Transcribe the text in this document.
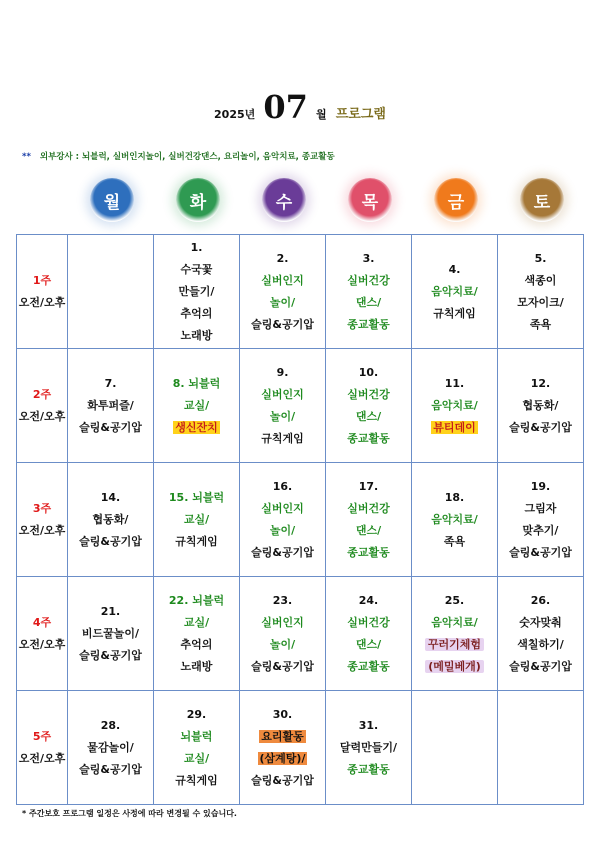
2025년 07 월 프로그램
** 외부강사 : 뇌블럭, 실버인지놀이, 실버건강댄스, 요리놀이, 음악치료, 종교활동
월	화	수	목	금	토
1주
오전/오후		1.
수국꽃
만들기/
추억의
노래방	2.
실버인지
놀이/
슬링&공기압	3.
실버건강
댄스/
종교활동	4.
음악치료/
규칙게임	5.
색종이
모자이크/
족욕

2주
오전/오후	7.
화투퍼즐/
슬링&공기압	8. 뇌블럭
교실/
생신잔치	9.
실버인지
놀이/
규칙게임	10.
실버건강
댄스/
종교활동	11.
음악치료/
뷰티데이	12.
협동화/
슬링&공기압

3주
오전/오후	14.
협동화/
슬링&공기압	15. 뇌블럭
교실/
규칙게임	16.
실버인지
놀이/
슬링&공기압	17.
실버건강
댄스/
종교활동	18.
음악치료/
족욕	19.
그림자
맞추기/
슬링&공기압

4주
오전/오후	21.
비드꿀놀이/
슬링&공기압	22. 뇌블럭
교실/
추억의
노래방	23.
실버인지
놀이/
슬링&공기압	24.
실버건강
댄스/
종교활동	25.
음악치료/
꾸러기체험
(메밀베개)	26.
숫자맞춰
색칠하기/
슬링&공기압

5주
오전/오후	28.
물감놀이/
슬링&공기압	29.
뇌블럭
교실/
규칙게임	30.
요리활동
(삼계탕)/
슬링&공기압	31.
달력만들기/
종교활동		

* 주간보호 프로그램 일정은 사정에 따라 변경될 수 있습니다.
